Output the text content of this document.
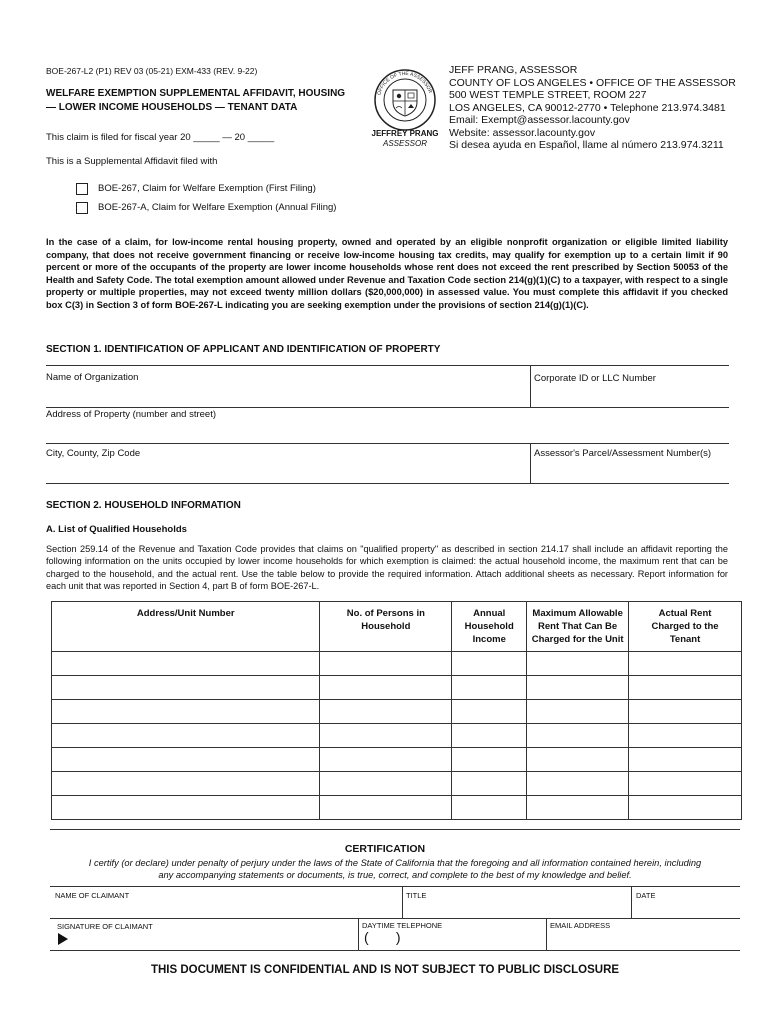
BOE-267-L2 (P1) REV 03 (05-21) EXM-433 (REV. 9-22)
WELFARE EXEMPTION SUPPLEMENTAL AFFIDAVIT, HOUSING
— LOWER INCOME HOUSEHOLDS — TENANT DATA
This claim is filed for fiscal year 20 _____ — 20 _____
This is a Supplemental Affidavit filed with
BOE-267, Claim for Welfare Exemption (First Filing)
BOE-267-A, Claim for Welfare Exemption (Annual Filing)
OFFICE OF THE ASSESSOR
JEFFREY PRANG
ASSESSOR
JEFF PRANG, ASSESSOR
COUNTY OF LOS ANGELES • OFFICE OF THE ASSESSOR
500 WEST TEMPLE STREET, ROOM 227
LOS ANGELES, CA 90012-2770 • Telephone 213.974.3481
Email: Exempt@assessor.lacounty.gov
Website: assessor.lacounty.gov
Si desea ayuda en Español, llame al número 213.974.3211
In the case of a claim, for low-income rental housing property, owned and operated by an eligible nonprofit organization or eligible limited liability company, that does not receive government financing or receive low-income housing tax credits, may qualify for exemption up to a certain limit if 90 percent or more of the occupants of the property are lower income households whose rent does not exceed the rent prescribed by Section 50053 of the Health and Safety Code. The total exemption amount allowed under Revenue and Taxation Code section 214(g)(1)(C) to a taxpayer, with respect to a single property or multiple properties, may not exceed twenty million dollars ($20,000,000) in assessed value. You must complete this affidavit if you checked box C(3) in Section 3 of form BOE-267-L indicating you are seeking exemption under the provisions of section 214(g)(1)(C).
SECTION 1. IDENTIFICATION OF APPLICANT AND IDENTIFICATION OF PROPERTY
Name of Organization	Corporate ID or LLC Number
Address of Property (number and street)
City, County, Zip Code	Assessor's Parcel/Assessment Number(s)
SECTION 2. HOUSEHOLD INFORMATION
A. List of Qualified Households
Section 259.14 of the Revenue and Taxation Code provides that claims on "qualified property" as described in section 214.17 shall include an affidavit reporting the following information on the units occupied by lower income households for which exemption is claimed: the actual household income, the maximum rent that can be charged to the household, and the actual rent. Use the table below to provide the required information. Attach additional sheets as necessary. Report information for each unit that was reported in Section 4, part B of form BOE-267-L.
Address/Unit Number	No. of Persons in Household	Annual Household Income	Maximum Allowable Rent That Can Be Charged for the Unit	Actual Rent Charged to the Tenant

CERTIFICATION
I certify (or declare) under penalty of perjury under the laws of the State of California that the foregoing and all information contained herein, including
any accompanying statements or documents, is true, correct, and complete to the best of my knowledge and belief.
NAME OF CLAIMANT	TITLE	DATE
SIGNATURE OF CLAIMANT	DAYTIME TELEPHONE
(       )
EMAIL ADDRESS
THIS DOCUMENT IS CONFIDENTIAL AND IS NOT SUBJECT TO PUBLIC DISCLOSURE
